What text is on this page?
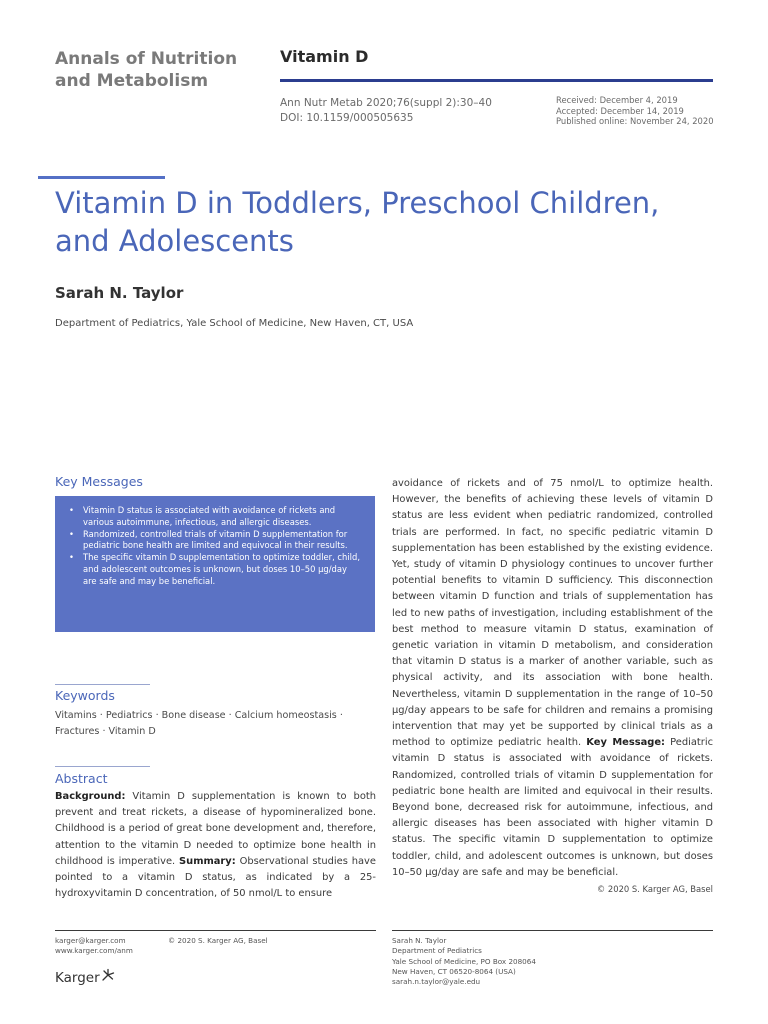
Annals of Nutrition and Metabolism
Vitamin D
Ann Nutr Metab 2020;76(suppl 2):30–40
DOI: 10.1159/000505635
Received: December 4, 2019
Accepted: December 14, 2019
Published online: November 24, 2020
Vitamin D in Toddlers, Preschool Children, and Adolescents
Sarah N. Taylor
Department of Pediatrics, Yale School of Medicine, New Haven, CT, USA
Key Messages
• Vitamin D status is associated with avoidance of rickets and various autoimmune, infectious, and allergic diseases.
• Randomized, controlled trials of vitamin D supplementation for pediatric bone health are limited and equivocal in their results.
• The specific vitamin D supplementation to optimize toddler, child, and adolescent outcomes is unknown, but doses 10–50 μg/day are safe and may be beneficial.
Keywords
Vitamins · Pediatrics · Bone disease · Calcium homeostasis · Fractures · Vitamin D
Abstract

Background: Vitamin D supplementation is known to both prevent and treat rickets, a disease of hypomineralized bone. Childhood is a period of great bone development and, therefore, attention to the vitamin D needed to optimize bone health in childhood is imperative. Summary: Observational studies have pointed to a vitamin D status, as indicated by a 25-hydroxyvitamin D concentration, of 50 nmol/L to ensure

avoidance of rickets and of 75 nmol/L to optimize health. However, the benefits of achieving these levels of vitamin D status are less evident when pediatric randomized, controlled trials are performed. In fact, no specific pediatric vitamin D supplementation has been established by the existing evidence. Yet, study of vitamin D physiology continues to uncover further potential benefits to vitamin D sufficiency. This disconnection between vitamin D function and trials of supplementation has led to new paths of investigation, including establishment of the best method to measure vitamin D status, examination of genetic variation in vitamin D metabolism, and consideration that vitamin D status is a marker of another variable, such as physical activity, and its association with bone health. Nevertheless, vitamin D supplementation in the range of 10–50 μg/day appears to be safe for children and remains a promising intervention that may yet be supported by clinical trials as a method to optimize pediatric health. Key Message: Pediatric vitamin D status is associated with avoidance of rickets. Randomized, controlled trials of vitamin D supplementation for pediatric bone health are limited and equivocal in their results. Beyond bone, decreased risk for autoimmune, infectious, and allergic diseases has been associated with higher vitamin D status. The specific vitamin D supplementation to optimize toddler, child, and adolescent outcomes is unknown, but doses 10–50 μg/day are safe and may be beneficial.
© 2020 S. Karger AG, Basel

karger@karger.com
www.karger.com/anm
© 2020 S. Karger AG, Basel
Karger
Sarah N. Taylor
Department of Pediatrics
Yale School of Medicine, PO Box 208064
New Haven, CT 06520-8064 (USA)
sarah.n.taylor@yale.edu
